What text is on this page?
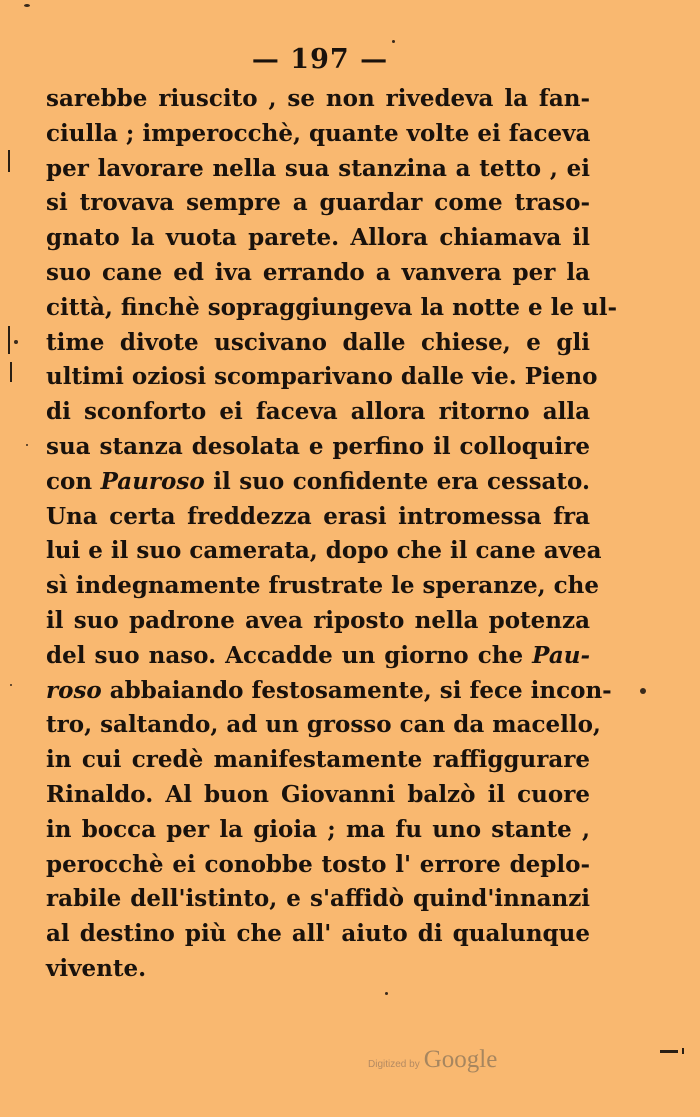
— 197 —
sarebbe riuscito , se non rivedeva la fan-
ciulla ; imperocchè, quante volte ei faceva
per lavorare nella sua stanzina a tetto , ei
si trovava sempre a guardar come traso-
gnato la vuota parete. Allora chiamava il
suo cane ed iva errando a vanvera per la
città, finchè sopraggiungeva la notte e le ul-
time divote uscivano dalle chiese, e gli
ultimi oziosi scomparivano dalle vie. Pieno
di sconforto ei faceva allora ritorno alla
sua stanza desolata e perfino il colloquire
con Pauroso il suo confidente era cessato.
Una certa freddezza erasi intromessa fra
lui e il suo camerata, dopo che il cane avea
sì indegnamente frustrate le speranze, che
il suo padrone avea riposto nella potenza
del suo naso. Accadde un giorno che Pau-
roso abbaiando festosamente, si fece incon-
tro, saltando, ad un grosso can da macello,
in cui credè manifestamente raffiggurare
Rinaldo. Al buon Giovanni balzò il cuore
in bocca per la gioia ; ma fu uno stante ,
perocchè ei conobbe tosto l' errore deplo-
rabile dell'istinto, e s'affidò quind'innanzi
al destino più che all' aiuto di qualunque
vivente.
Digitized by Google
